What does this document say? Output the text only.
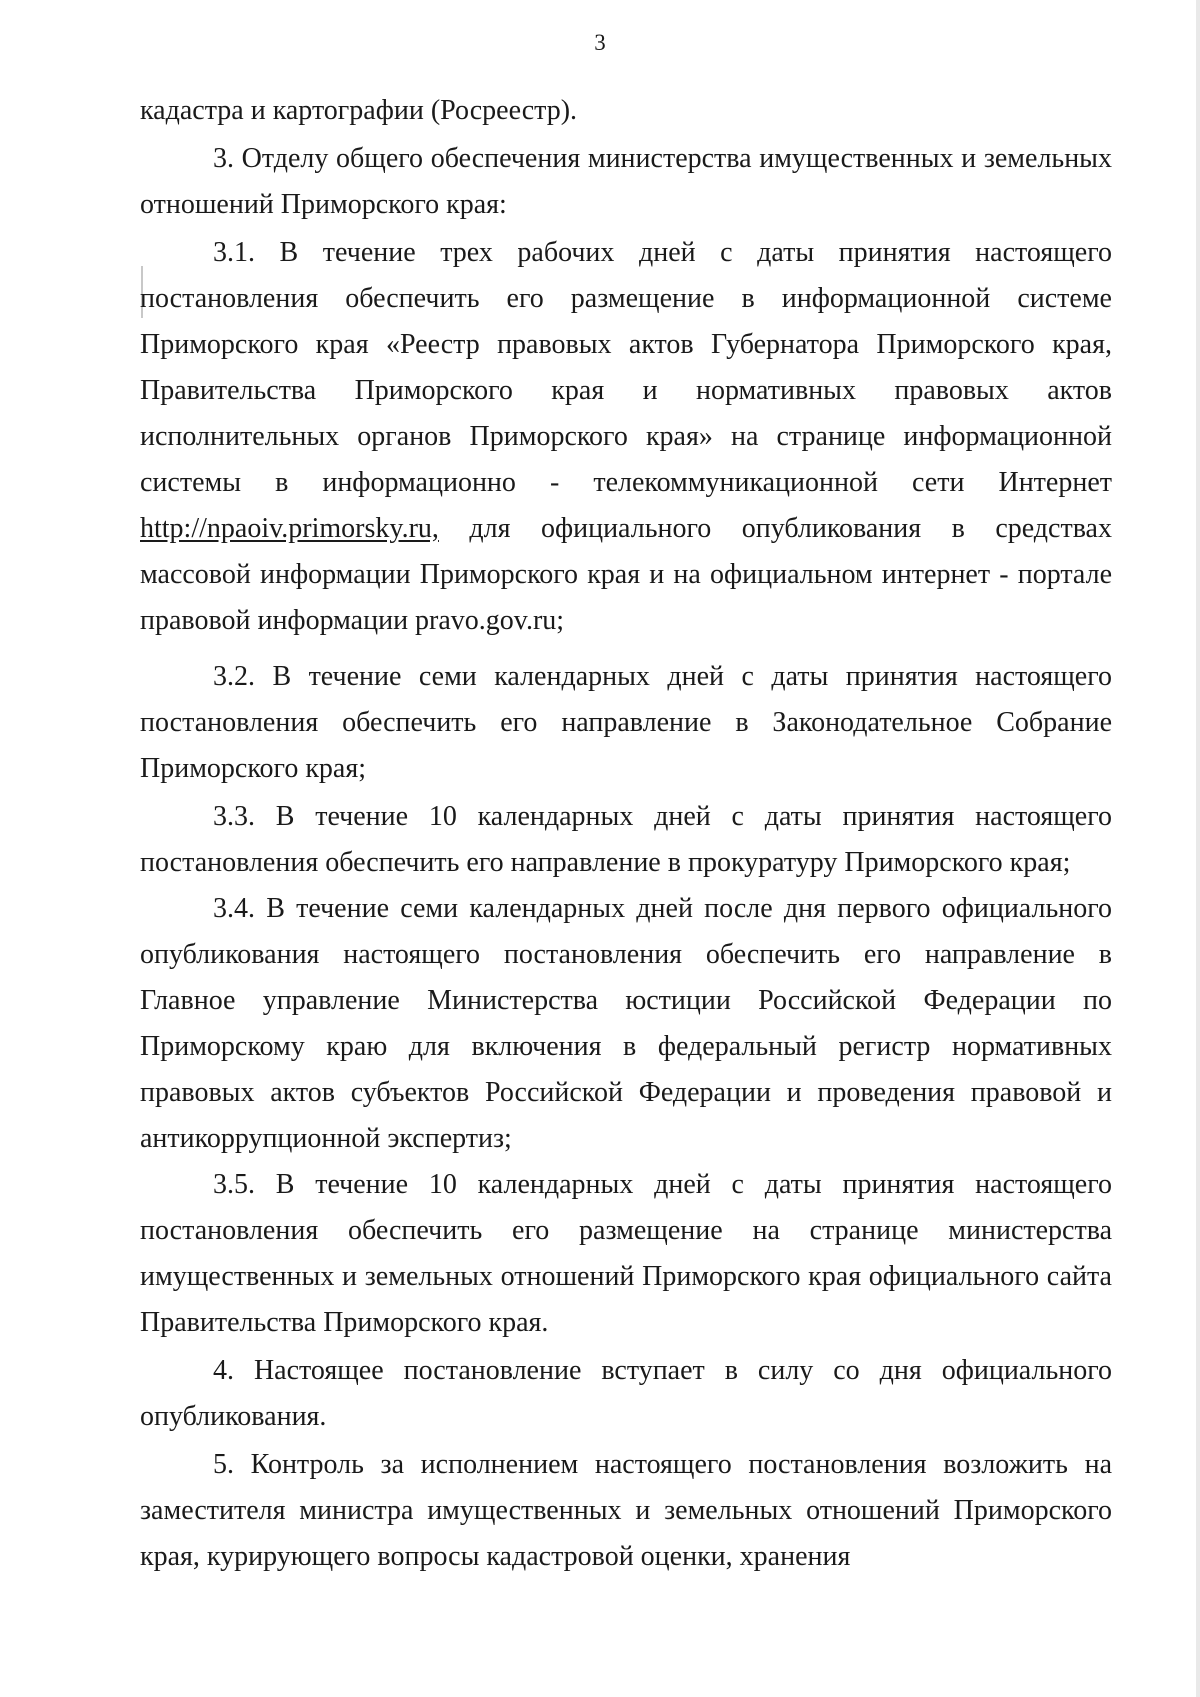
3

кадастра и картографии (Росреестр).

3. Отделу общего обеспечения министерства имущественных и земельных отношений Приморского края:

3.1. В течение трех рабочих дней с даты принятия настоящего постановления обеспечить его размещение в информационной системе Приморского края «Реестр правовых актов Губернатора Приморского края, Правительства Приморского края и нормативных правовых актов исполнительных органов Приморского края» на странице информационной системы в информационно - телекоммуникационной сети Интернет http://npaoiv.primorsky.ru, для официального опубликования в средствах массовой информации Приморского края и на официальном интернет - портале правовой информации pravo.gov.ru;

3.2. В течение семи календарных дней с даты принятия настоящего постановления обеспечить его направление в Законодательное Собрание Приморского края;

3.3. В течение 10 календарных дней с даты принятия настоящего постановления обеспечить его направление в прокуратуру Приморского края;

3.4. В течение семи календарных дней после дня первого официального опубликования настоящего постановления обеспечить его направление в Главное управление Министерства юстиции Российской Федерации по Приморскому краю для включения в федеральный регистр нормативных правовых актов субъектов Российской Федерации и проведения правовой и антикоррупционной экспертиз;

3.5. В течение 10 календарных дней с даты принятия настоящего постановления обеспечить его размещение на странице министерства имущественных и земельных отношений Приморского края официального сайта Правительства Приморского края.

4. Настоящее постановление вступает в силу со дня официального опубликования.

5. Контроль за исполнением настоящего постановления возложить на заместителя министра имущественных и земельных отношений Приморского края, курирующего вопросы кадастровой оценки, хранения
